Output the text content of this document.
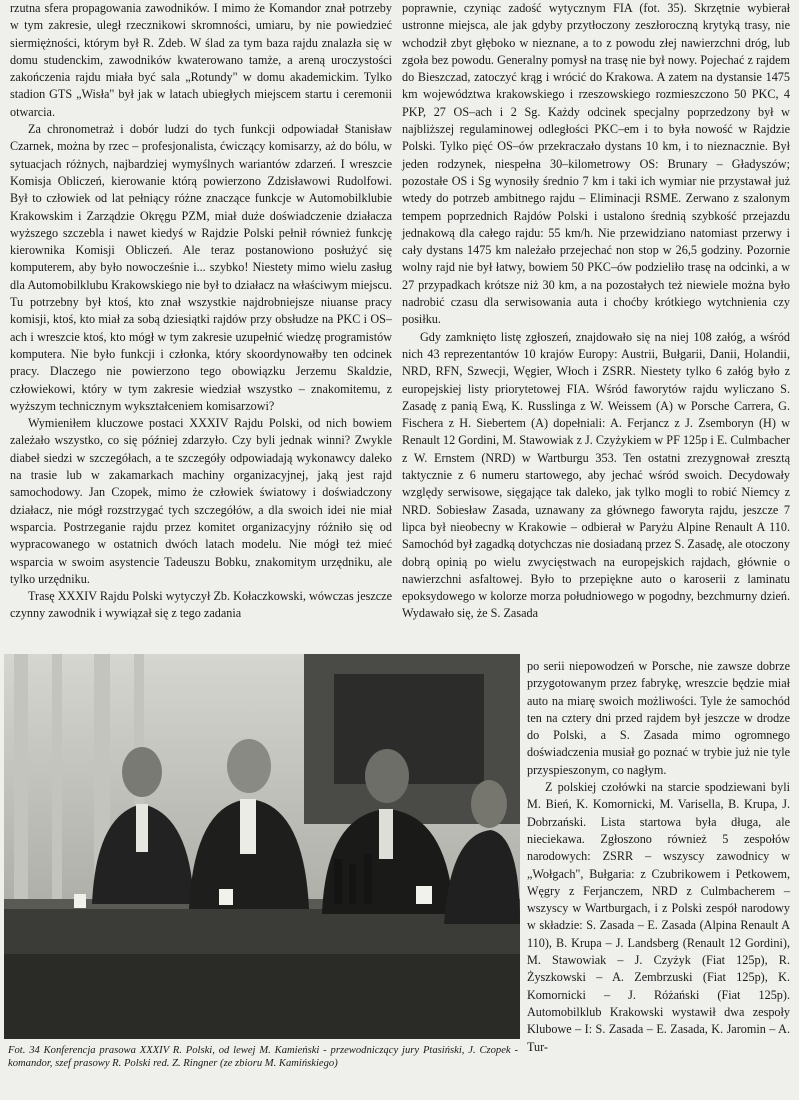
rzutna sfera propagowania zawodników. I mimo że Komandor znał potrzeby w tym zakresie, uległ rzecznikowi skromności, umiaru, by nie powiedzieć siermiężności, którym był R. Zdeb. W ślad za tym baza rajdu znalazła się w domu studenckim, zawodników kwaterowano tamże, a areną uroczystości zakończenia rajdu miała być sala „Rotundy" w domu akademickim. Tylko stadion GTS „Wisła" był jak w latach ubiegłych miejscem startu i ceremonii otwarcia.

Za chronometraż i dobór ludzi do tych funkcji odpowiadał Stanisław Czarnek, można by rzec – profesjonalista, ćwiczący komisarzy, aż do bólu, w sytuacjach różnych, najbardziej wymyślnych wariantów zdarzeń. I wreszcie Komisja Obliczeń, kierowanie którą powierzono Zdzisławowi Rudolfowi. Był to człowiek od lat pełniący różne znaczące funkcje w Automobilklubie Krakowskim i Zarządzie Okręgu PZM, miał duże doświadczenie działacza wyższego szczebla i nawet kiedyś w Rajdzie Polski pełnił również funkcję kierownika Komisji Obliczeń. Ale teraz postanowiono posłużyć się komputerem, aby było nowocześnie i... szybko! Niestety mimo wielu zasług dla Automobilklubu Krakowskiego nie był to działacz na właściwym miejscu. Tu potrzebny był ktoś, kto znał wszystkie najdrobniejsze niuanse pracy komisji, ktoś, kto miał za sobą dziesiątki rajdów przy obsłudze na PKC i OS–ach i wreszcie ktoś, kto mógł w tym zakresie uzupełnić wiedzę programistów komputera. Nie było funkcji i członka, który skoordynowałby ten odcinek pracy. Dlaczego nie powierzono tego obowiązku Jerzemu Skaldzie, człowiekowi, który w tym zakresie wiedział wszystko – znakomitemu, z wyższym technicznym wykształceniem komisarzowi?

Wymieniłem kluczowe postaci XXXIV Rajdu Polski, od nich bowiem zależało wszystko, co się później zdarzyło. Czy byli jednak winni? Zwykle diabeł siedzi w szczegółach, a te szczegóły odpowiadają wykonawcy daleko na trasie lub w zakamarkach machiny organizacyjnej, jaką jest rajd samochodowy. Jan Czopek, mimo że człowiek światowy i doświadczony działacz, nie mógł rozstrzygać tych szczegółów, a dla swoich idei nie miał wsparcia. Postrzeganie rajdu przez komitet organizacyjny różniło się od wypracowanego w ostatnich dwóch latach modelu. Nie mógł też mieć wsparcia w swoim asystencie Tadeuszu Bobku, znakomitym urzędniku, ale tylko urzędniku.

Trasę XXXIV Rajdu Polski wytyczył Zb. Kołaczkowski, wówczas jeszcze czynny zawodnik i wywiązał się z tego zadania

poprawnie, czyniąc zadość wytycznym FIA (fot. 35). Skrzętnie wybierał ustronne miejsca, ale jak gdyby przytłoczony zeszłoroczną krytyką trasy, nie wchodził zbyt głęboko w nieznane, a to z powodu złej nawierzchni dróg, lub zgoła bez powodu. Generalny pomysł na trasę nie był nowy. Pojechać z rajdem do Bieszczad, zatoczyć krąg i wrócić do Krakowa. A zatem na dystansie 1475 km województwa krakowskiego i rzeszowskiego rozmieszczono 50 PKC, 4 PKP, 27 OS–ach i 2 Sg. Każdy odcinek specjalny poprzedzony był w najbliższej regulaminowej odległości PKC–em i to była nowość w Rajdzie Polski. Tylko pięć OS–ów przekraczało dystans 10 km, i to nieznacznie. Był jeden rodzynek, niespełna 30–kilometrowy OS: Brunary – Gładyszów; pozostałe OS i Sg wynosiły średnio 7 km i taki ich wymiar nie przystawał już wtedy do potrzeb ambitnego rajdu – Eliminacji RSME. Zerwano z szalonym tempem poprzednich Rajdów Polski i ustalono średnią szybkość przejazdu jednakową dla całego rajdu: 55 km/h. Nie przewidziano natomiast przerwy i cały dystans 1475 km należało przejechać non stop w 26,5 godziny. Pozornie wolny rajd nie był łatwy, bowiem 50 PKC–ów podzieliło trasę na odcinki, a w 27 przypadkach krótsze niż 30 km, a na pozostałych też niewiele można było nadrobić czasu dla serwisowania auta i choćby krótkiego wytchnienia czy posiłku.

Gdy zamknięto listę zgłoszeń, znajdowało się na niej 108 załóg, a wśród nich 43 reprezentantów 10 krajów Europy: Austrii, Bułgarii, Danii, Holandii, NRD, RFN, Szwecji, Węgier, Włoch i ZSRR. Niestety tylko 6 załóg było z europejskiej listy priorytetowej FIA. Wśród faworytów rajdu wyliczano S. Zasadę z panią Ewą, K. Russlinga z W. Weissem (A) w Porsche Carrera, G. Fischera z H. Siebertem (A) dopełniali: A. Ferjancz z J. Zsemboryn (H) w Renault 12 Gordini, M. Stawowiak z J. Czyżykiem w PF 125p i E. Culmbacher z W. Ernstem (NRD) w Wartburgu 353. Ten ostatni zrezygnował zresztą taktycznie z 6 numeru startowego, aby jechać wśród swoich. Decydowały względy serwisowe, sięgające tak daleko, jak tylko mogli to robić Niemcy z NRD. Sobiesław Zasada, uznawany za głównego faworyta rajdu, jeszcze 7 lipca był nieobecny w Krakowie – odbierał w Paryżu Alpine Renault A 110. Samochód był zagadką dotychczas nie dosiadaną przez S. Zasadę, ale otoczony dobrą opinią po wielu zwycięstwach na europejskich rajdach, głównie o nawierzchni asfaltowej. Było to przepiękne auto o karoserii z laminatu epoksydowego w kolorze morza południowego w pogodny, bezchmurny dzień. Wydawało się, że S. Zasada

Fot. 34 Konferencja prasowa XXXIV R. Polski, od lewej M. Kamieński - przewodniczący jury Ptasiński, J. Czopek - komandor, szef prasowy R. Polski red. Z. Ringner (ze zbioru M. Kamińskiego)

po serii niepowodzeń w Porsche, nie zawsze dobrze przygotowanym przez fabrykę, wreszcie będzie miał auto na miarę swoich możliwości. Tyle że samochód ten na cztery dni przed rajdem był jeszcze w drodze do Polski, a S. Zasada mimo ogromnego doświadczenia musiał go poznać w trybie już nie tyle przyspieszonym, co nagłym.

Z polskiej czołówki na starcie spodziewani byli M. Bień, K. Komornicki, M. Varisella, B. Krupa, J. Dobrzański. Lista startowa była długa, ale nieciekawa. Zgłoszono również 5 zespołów narodowych: ZSRR – wszyscy zawodnicy w „Wołgach", Bułgaria: z Czubrikowem i Petkowem, Węgry z Ferjanczem, NRD z Culmbacherem – wszyscy w Wartburgach, i z Polski zespół narodowy w składzie: S. Zasada – E. Zasada (Alpina Renault A 110), B. Krupa – J. Landsberg (Renault 12 Gordini), M. Stawowiak – J. Czyżyk (Fiat 125p), R. Żyszkowski – A. Zembrzuski (Fiat 125p), K. Komornicki – J. Różański (Fiat 125p). Automobilklub Krakowski wystawił dwa zespoły Klubowe – I: S. Zasada – E. Zasada, K. Jaromin – A. Tur-
